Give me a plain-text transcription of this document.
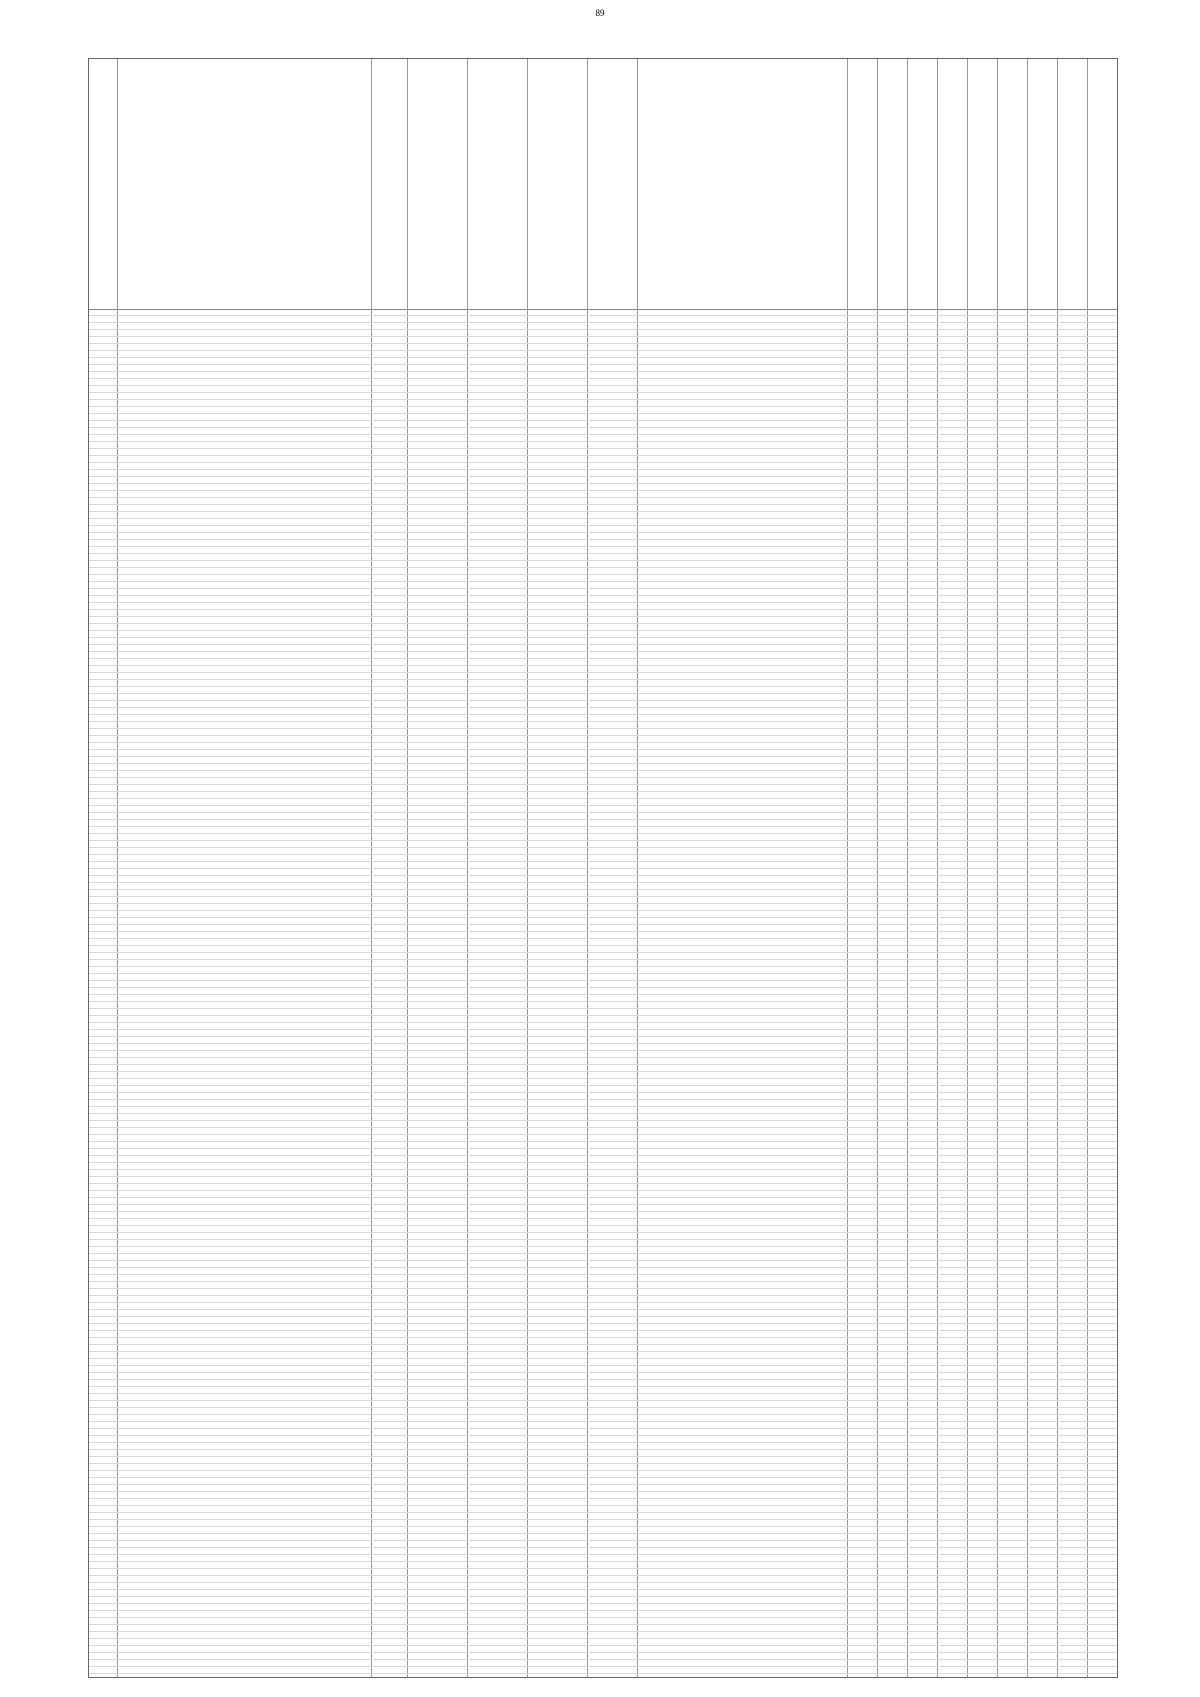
89
